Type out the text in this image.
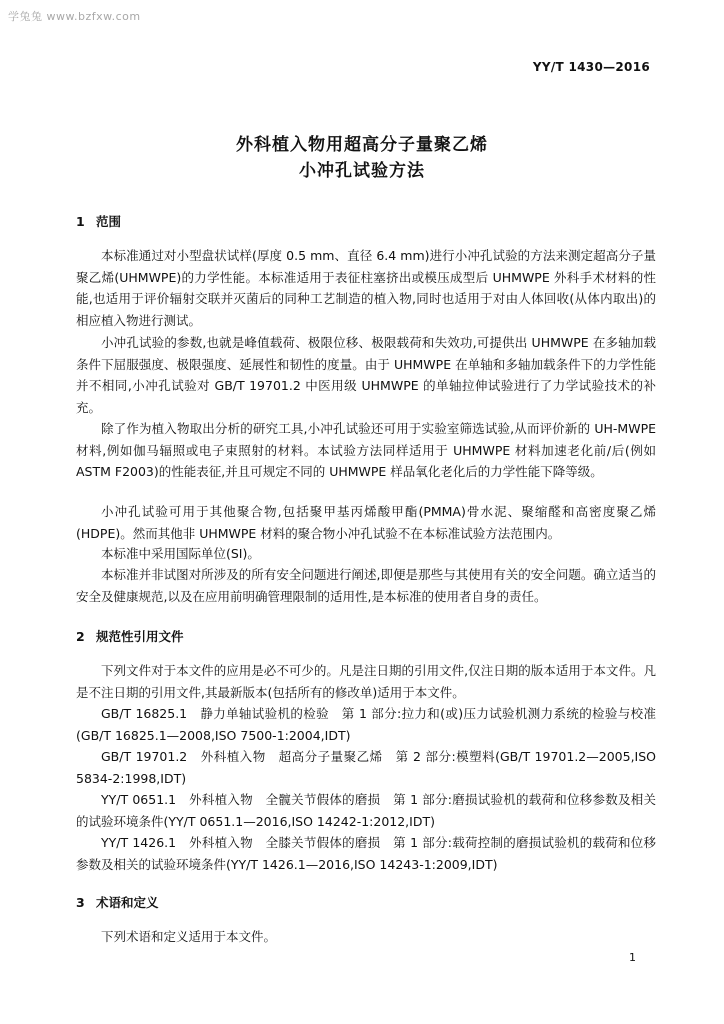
学兔兔 www.bzfxw.com
YY/T 1430—2016
外科植入物用超高分子量聚乙烯
小冲孔试验方法
1 范围

本标准通过对小型盘状试样(厚度 0.5 mm、直径 6.4 mm)进行小冲孔试验的方法来测定超高分子量聚乙烯(UHMWPE)的力学性能。本标准适用于表征柱塞挤出或模压成型后 UHMWPE 外科手术材料的性能,也适用于评价辐射交联并灭菌后的同种工艺制造的植入物,同时也适用于对由人体回收(从体内取出)的相应植入物进行测试。

小冲孔试验的参数,也就是峰值载荷、极限位移、极限载荷和失效功,可提供出 UHMWPE 在多轴加载条件下屈服强度、极限强度、延展性和韧性的度量。由于 UHMWPE 在单轴和多轴加载条件下的力学性能并不相同,小冲孔试验对 GB/T 19701.2 中医用级 UHMWPE 的单轴拉伸试验进行了力学试验技术的补充。

除了作为植入物取出分析的研究工具,小冲孔试验还可用于实验室筛选试验,从而评价新的 UH-MWPE 材料,例如伽马辐照或电子束照射的材料。本试验方法同样适用于 UHMWPE 材料加速老化前/后(例如 ASTM F2003)的性能表征,并且可规定不同的 UHMWPE 样品氧化老化后的力学性能下降等级。

小冲孔试验可用于其他聚合物,包括聚甲基丙烯酸甲酯(PMMA)骨水泥、聚缩醛和高密度聚乙烯(HDPE)。然而其他非 UHMWPE 材料的聚合物小冲孔试验不在本标准试验方法范围内。

本标准中采用国际单位(SI)。

本标准并非试图对所涉及的所有安全问题进行阐述,即便是那些与其使用有关的安全问题。确立适当的安全及健康规范,以及在应用前明确管理限制的适用性,是本标准的使用者自身的责任。

2 规范性引用文件

下列文件对于本文件的应用是必不可少的。凡是注日期的引用文件,仅注日期的版本适用于本文件。凡是不注日期的引用文件,其最新版本(包括所有的修改单)适用于本文件。

GB/T 16825.1　静力单轴试验机的检验　第 1 部分:拉力和(或)压力试验机测力系统的检验与校准(GB/T 16825.1—2008,ISO 7500-1:2004,IDT)

GB/T 19701.2　外科植入物　超高分子量聚乙烯　第 2 部分:模塑料(GB/T 19701.2—2005,ISO 5834-2:1998,IDT)

YY/T 0651.1　外科植入物　全髋关节假体的磨损　第 1 部分:磨损试验机的载荷和位移参数及相关的试验环境条件(YY/T 0651.1—2016,ISO 14242-1:2012,IDT)

YY/T 1426.1　外科植入物　全膝关节假体的磨损　第 1 部分:载荷控制的磨损试验机的载荷和位移参数及相关的试验环境条件(YY/T 1426.1—2016,ISO 14243-1:2009,IDT)

3 术语和定义

下列术语和定义适用于本文件。

1
